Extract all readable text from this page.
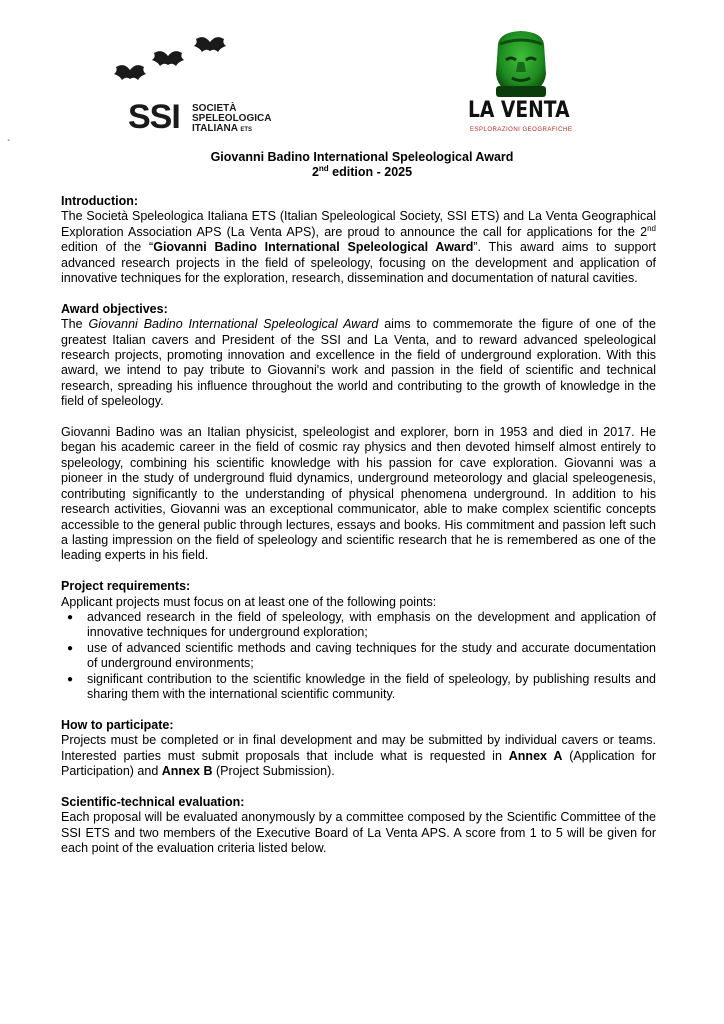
SSI SOCIETÀ
SPELEOLOGICA
ITALIANA ETS
LA VENTA
ESPLORAZIONI GEOGRAFICHE
`
Giovanni Badino International Speleological Award
2nd edition - 2025
Introduction:

The Società Speleologica Italiana ETS (Italian Speleological Society, SSI ETS) and La Venta Geographical Exploration Association APS (La Venta APS), are proud to announce the call for applications for the 2nd edition of the “Giovanni Badino International Speleological Award”. This award aims to support advanced research projects in the field of speleology, focusing on the development and application of innovative techniques for the exploration, research, dissemination and documentation of natural cavities.

Award objectives:

The Giovanni Badino International Speleological Award aims to commemorate the figure of one of the greatest Italian cavers and President of the SSI and La Venta, and to reward advanced speleological research projects, promoting innovation and excellence in the field of underground exploration. With this award, we intend to pay tribute to Giovanni's work and passion in the field of scientific and technical research, spreading his influence throughout the world and contributing to the growth of knowledge in the field of speleology.

Giovanni Badino was an Italian physicist, speleologist and explorer, born in 1953 and died in 2017. He began his academic career in the field of cosmic ray physics and then devoted himself almost entirely to speleology, combining his scientific knowledge with his passion for cave exploration. Giovanni was a pioneer in the study of underground fluid dynamics, underground meteorology and glacial speleogenesis, contributing significantly to the understanding of physical phenomena underground. In addition to his research activities, Giovanni was an exceptional communicator, able to make complex scientific concepts accessible to the general public through lectures, essays and books. His commitment and passion left such a lasting impression on the field of speleology and scientific research that he is remembered as one of the leading experts in his field.

Project requirements:

Applicant projects must focus on at least one of the following points:

● advanced research in the field of speleology, with emphasis on the development and application of innovative techniques for underground exploration;
● use of advanced scientific methods and caving techniques for the study and accurate documentation of underground environments;
● significant contribution to the scientific knowledge in the field of speleology, by publishing results and sharing them with the international scientific community.
How to participate:

Projects must be completed or in final development and may be submitted by individual cavers or teams. Interested parties must submit proposals that include what is requested in Annex A (Application for Participation) and Annex B (Project Submission).

Scientific-technical evaluation:

Each proposal will be evaluated anonymously by a committee composed by the Scientific Committee of the SSI ETS and two members of the Executive Board of La Venta APS. A score from 1 to 5 will be given for each point of the evaluation criteria listed below.
